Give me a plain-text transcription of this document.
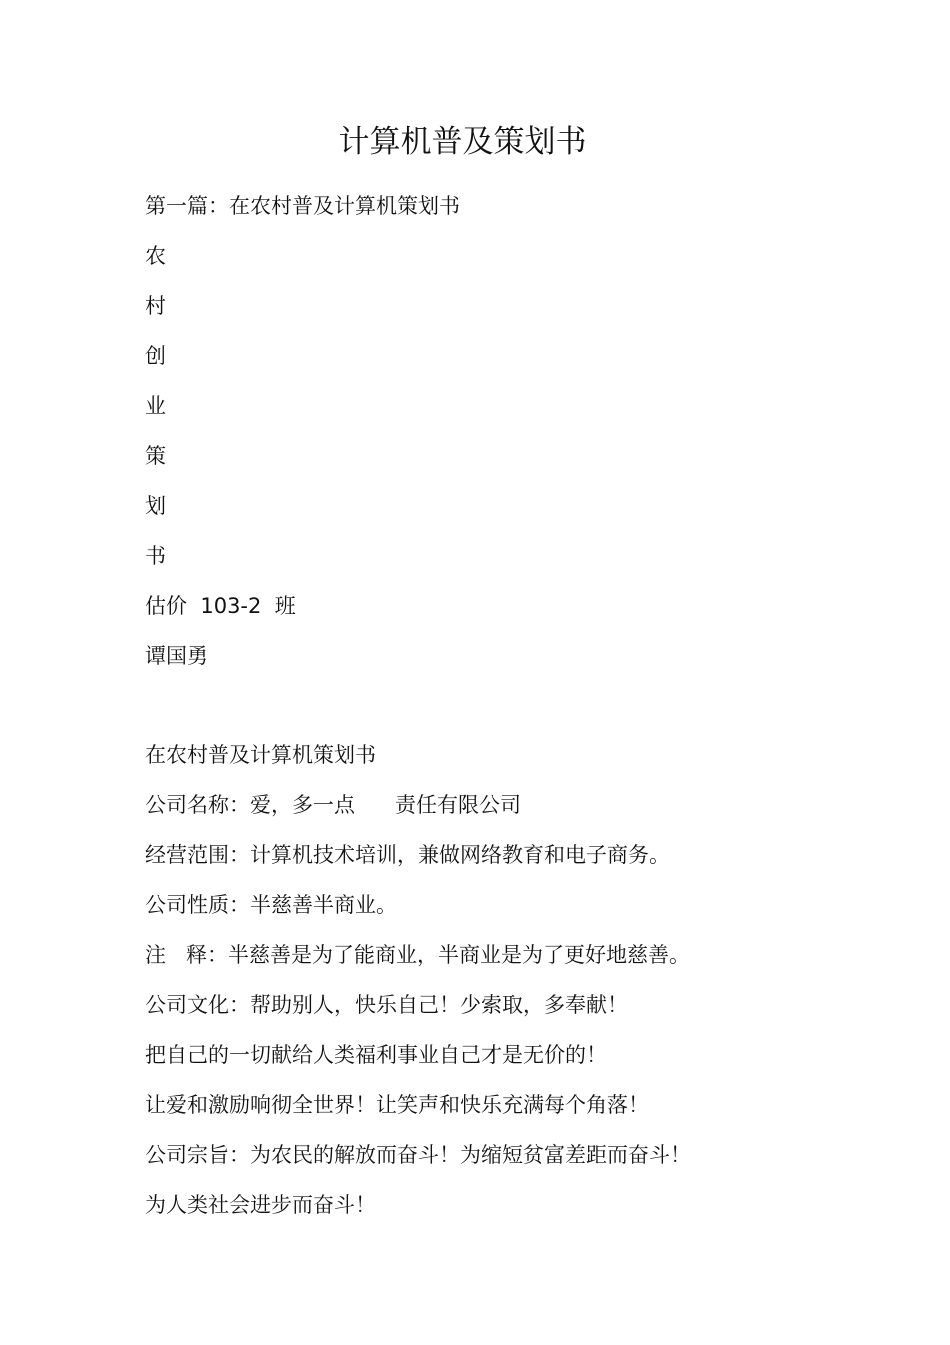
计算机普及策划书

第一篇：在农村普及计算机策划书

农

村

创

业

策

划

书

估价  103-2  班

谭国勇

在农村普及计算机策划书

公司名称：爱，多一点      责任有限公司

经营范围：计算机技术培训，兼做网络教育和电子商务。

公司性质：半慈善半商业。

注   释：半慈善是为了能商业，半商业是为了更好地慈善。

公司文化：帮助别人，快乐自己！少索取，多奉献！

把自己的一切献给人类福利事业自己才是无价的！

让爱和激励响彻全世界！让笑声和快乐充满每个角落！

公司宗旨：为农民的解放而奋斗！为缩短贫富差距而奋斗！

为人类社会进步而奋斗！
